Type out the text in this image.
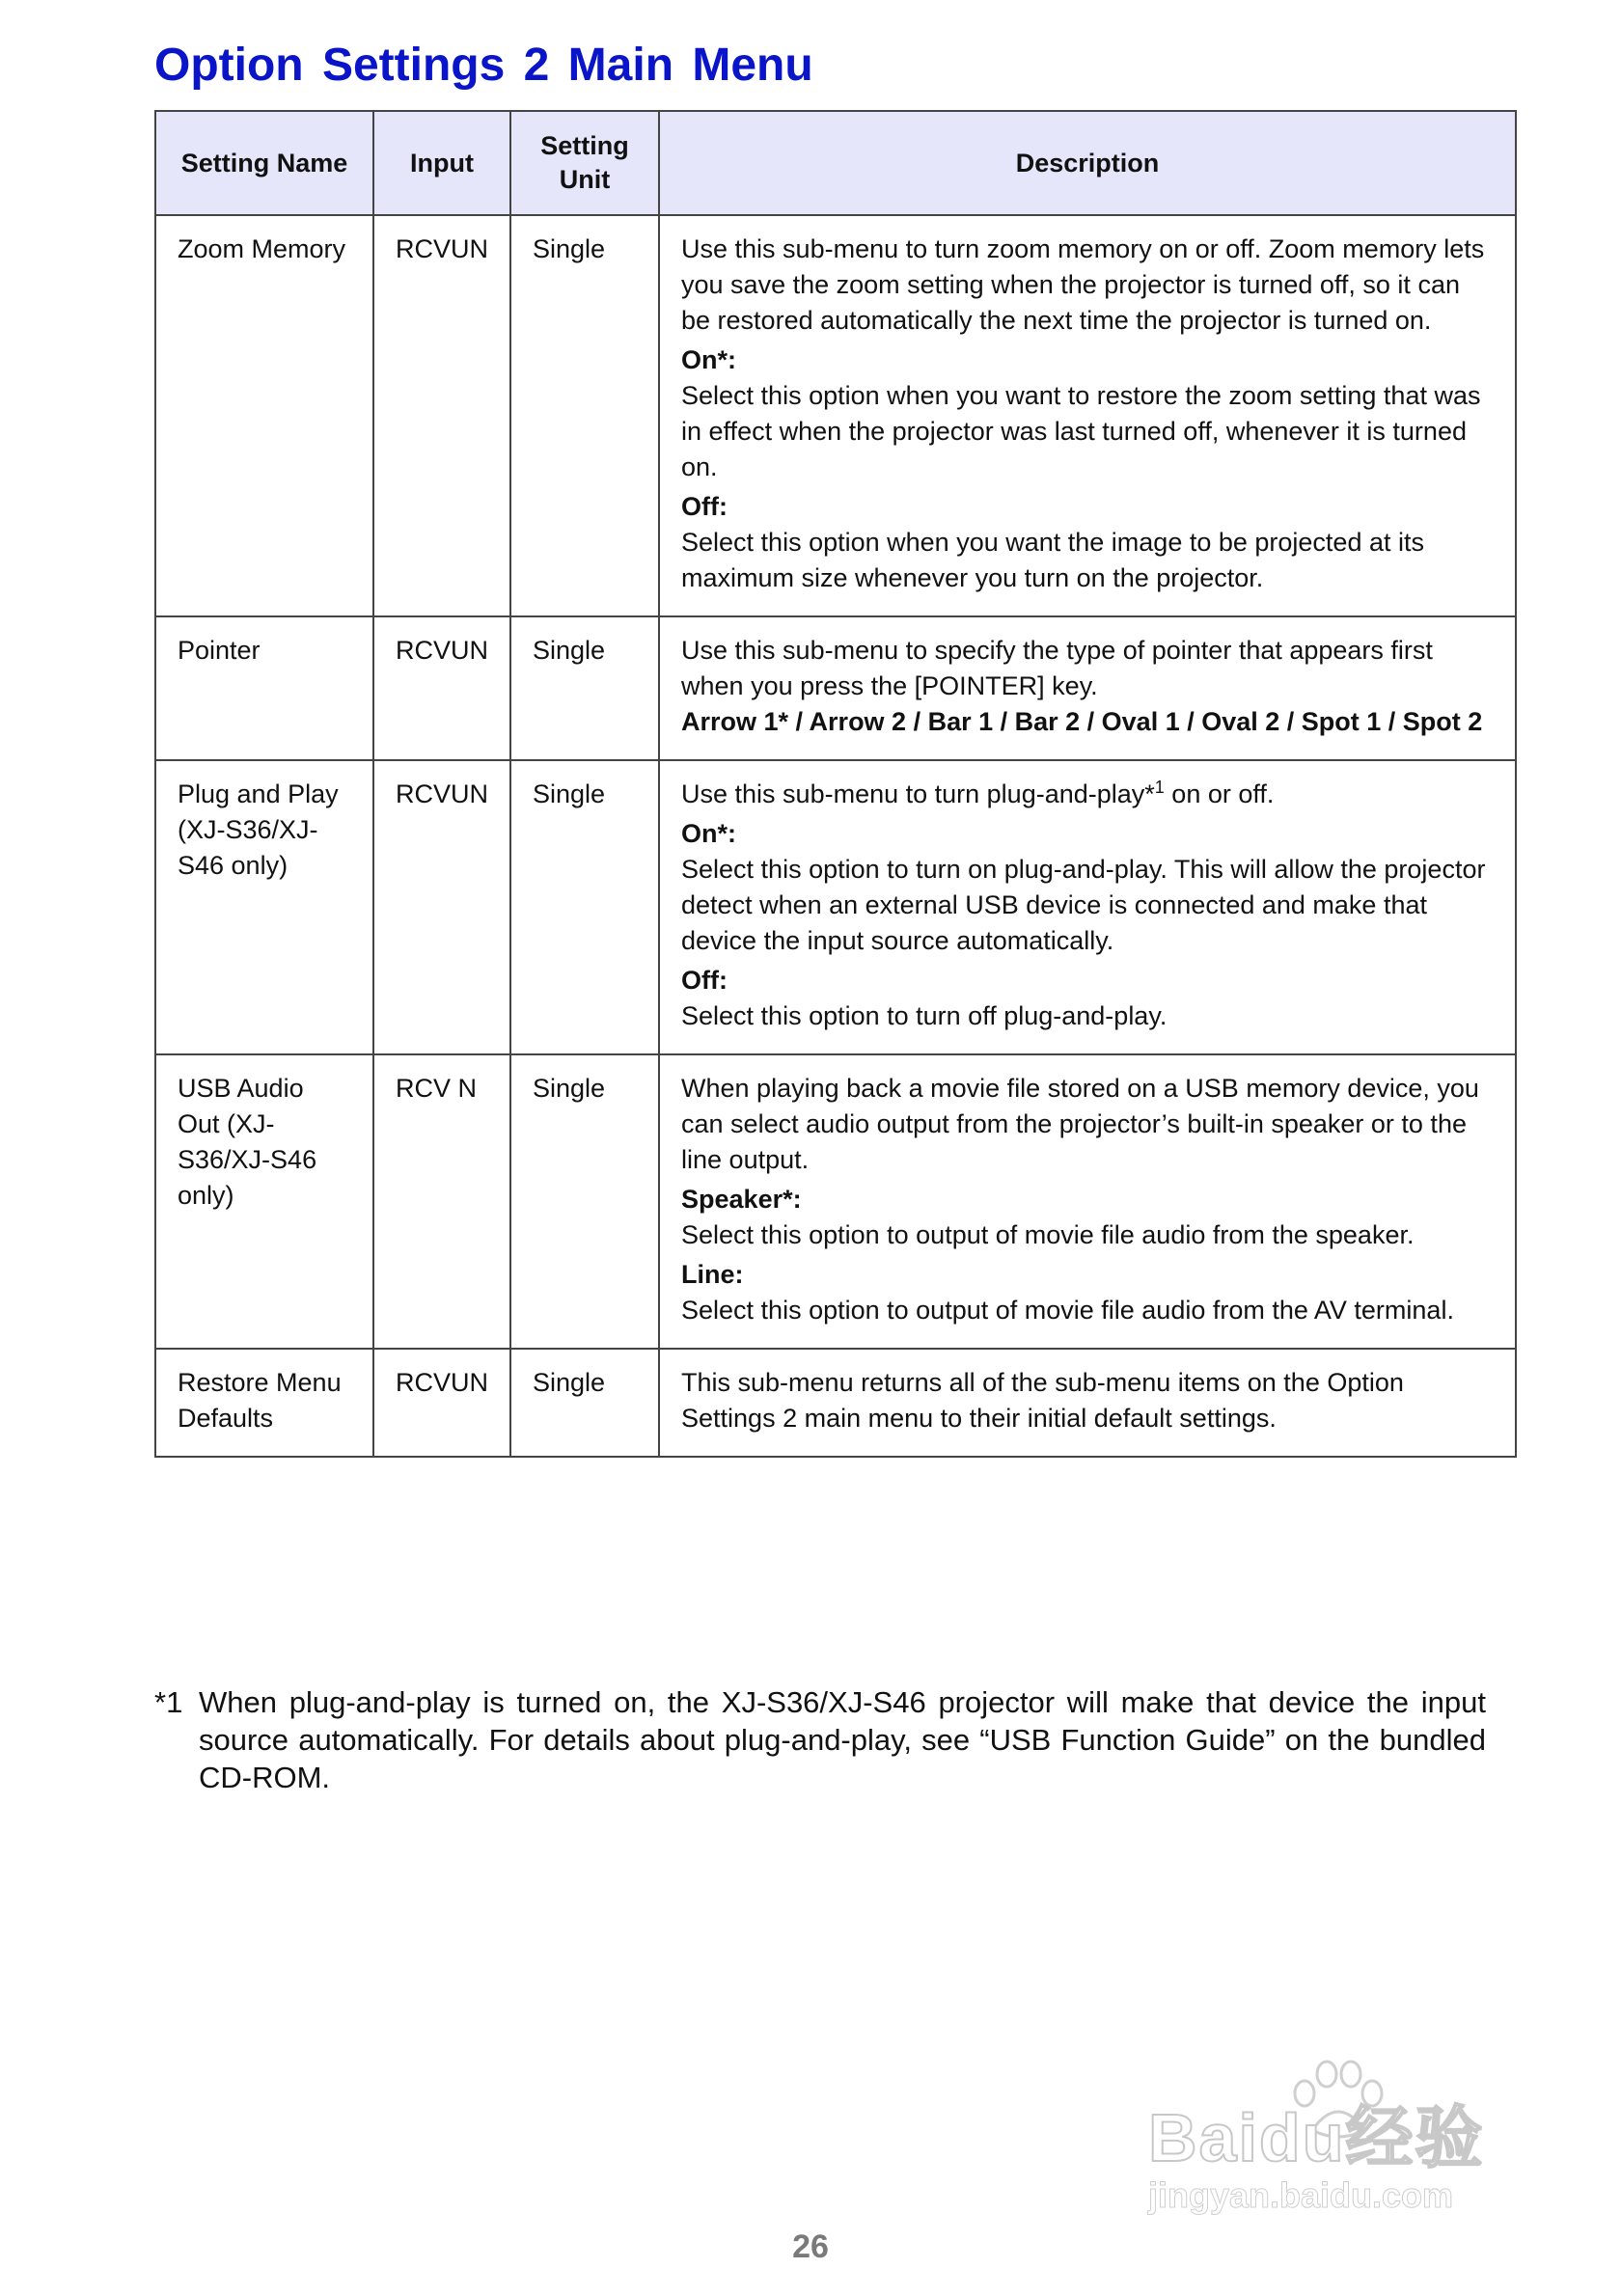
Option Settings 2 Main Menu
Setting Name	Input	Setting Unit	Description
Zoom Memory	RCVUN	Single	Use this sub-menu to turn zoom memory on or off. Zoom memory lets you save the zoom setting when the projector is turned off, so it can be restored automatically the next time the projector is turned on.

On*:

Select this option when you want to restore the zoom setting that was in effect when the projector was last turned off, whenever it is turned on.

Off:

Select this option when you want the image to be projected at its maximum size whenever you turn on the projector.

Pointer	RCVUN	Single	Use this sub-menu to specify the type of pointer that appears first when you press the [POINTER] key.

Arrow 1* / Arrow 2 / Bar 1 / Bar 2 / Oval 1 / Oval 2 / Spot 1 / Spot 2

Plug and Play (XJ-S36/XJ-S46 only)	RCVUN	Single	Use this sub-menu to turn plug-and-play*$^1$ on or off.

On*:

Select this option to turn on plug-and-play. This will allow the projector detect when an external USB device is connected and make that device the input source automatically.

Off:

Select this option to turn off plug-and-play.

USB Audio Out (XJ-S36/XJ-S46 only)	RCV N	Single	When playing back a movie file stored on a USB memory device, you can select audio output from the projector’s built-in speaker or to the line output.

Speaker*:

Select this option to output of movie file audio from the speaker.

Line:

Select this option to output of movie file audio from the AV terminal.

Restore Menu Defaults	RCVUN	Single	This sub-menu returns all of the sub-menu items on the Option Settings 2 main menu to their initial default settings.

*1 When plug-and-play is turned on, the XJ-S36/XJ-S46 projector will make that device the input source automatically. For details about plug-and-play, see “USB Function Guide” on the bundled CD-ROM.
Baidu经验
jingyan.baidu.com
26
